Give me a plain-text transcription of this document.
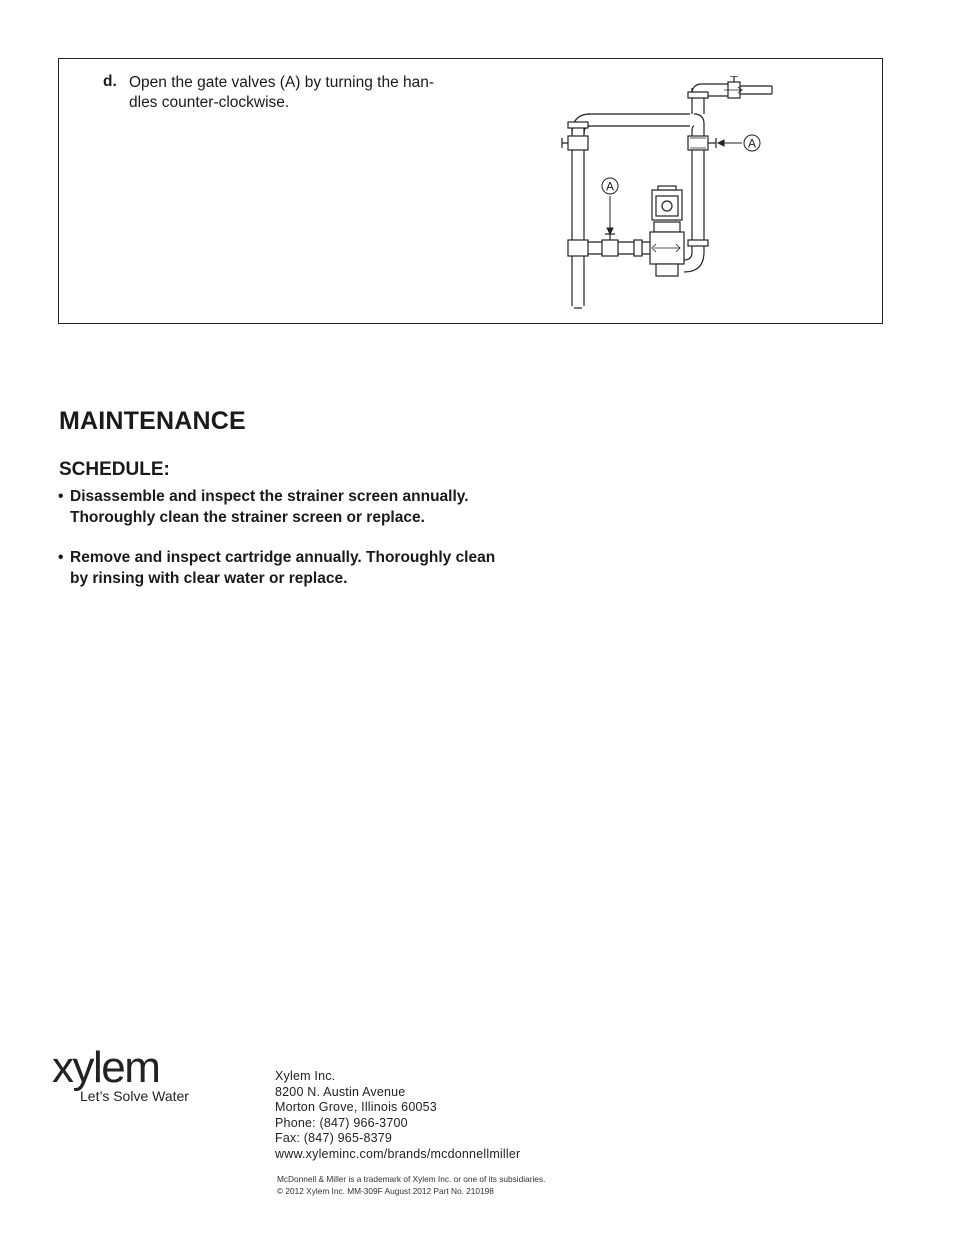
d. Open the gate valves (A) by turning the han-
dles counter-clockwise.
A
A
MAINTENANCE
SCHEDULE:
• Disassemble and inspect the strainer screen annually.
Thoroughly clean the strainer screen or replace.
• Remove and inspect cartridge annually. Thoroughly clean
by rinsing with clear water or replace.
xylem
Let’s Solve Water
Xylem Inc.
8200 N. Austin Avenue
Morton Grove, Illinois 60053
Phone: (847) 966-3700
Fax: (847) 965-8379
www.xyleminc.com/brands/mcdonnellmiller
McDonnell & Miller is a trademark of Xylem Inc. or one of its subsidiaries.
© 2012 Xylem Inc. MM-309F August 2012 Part No. 210198
